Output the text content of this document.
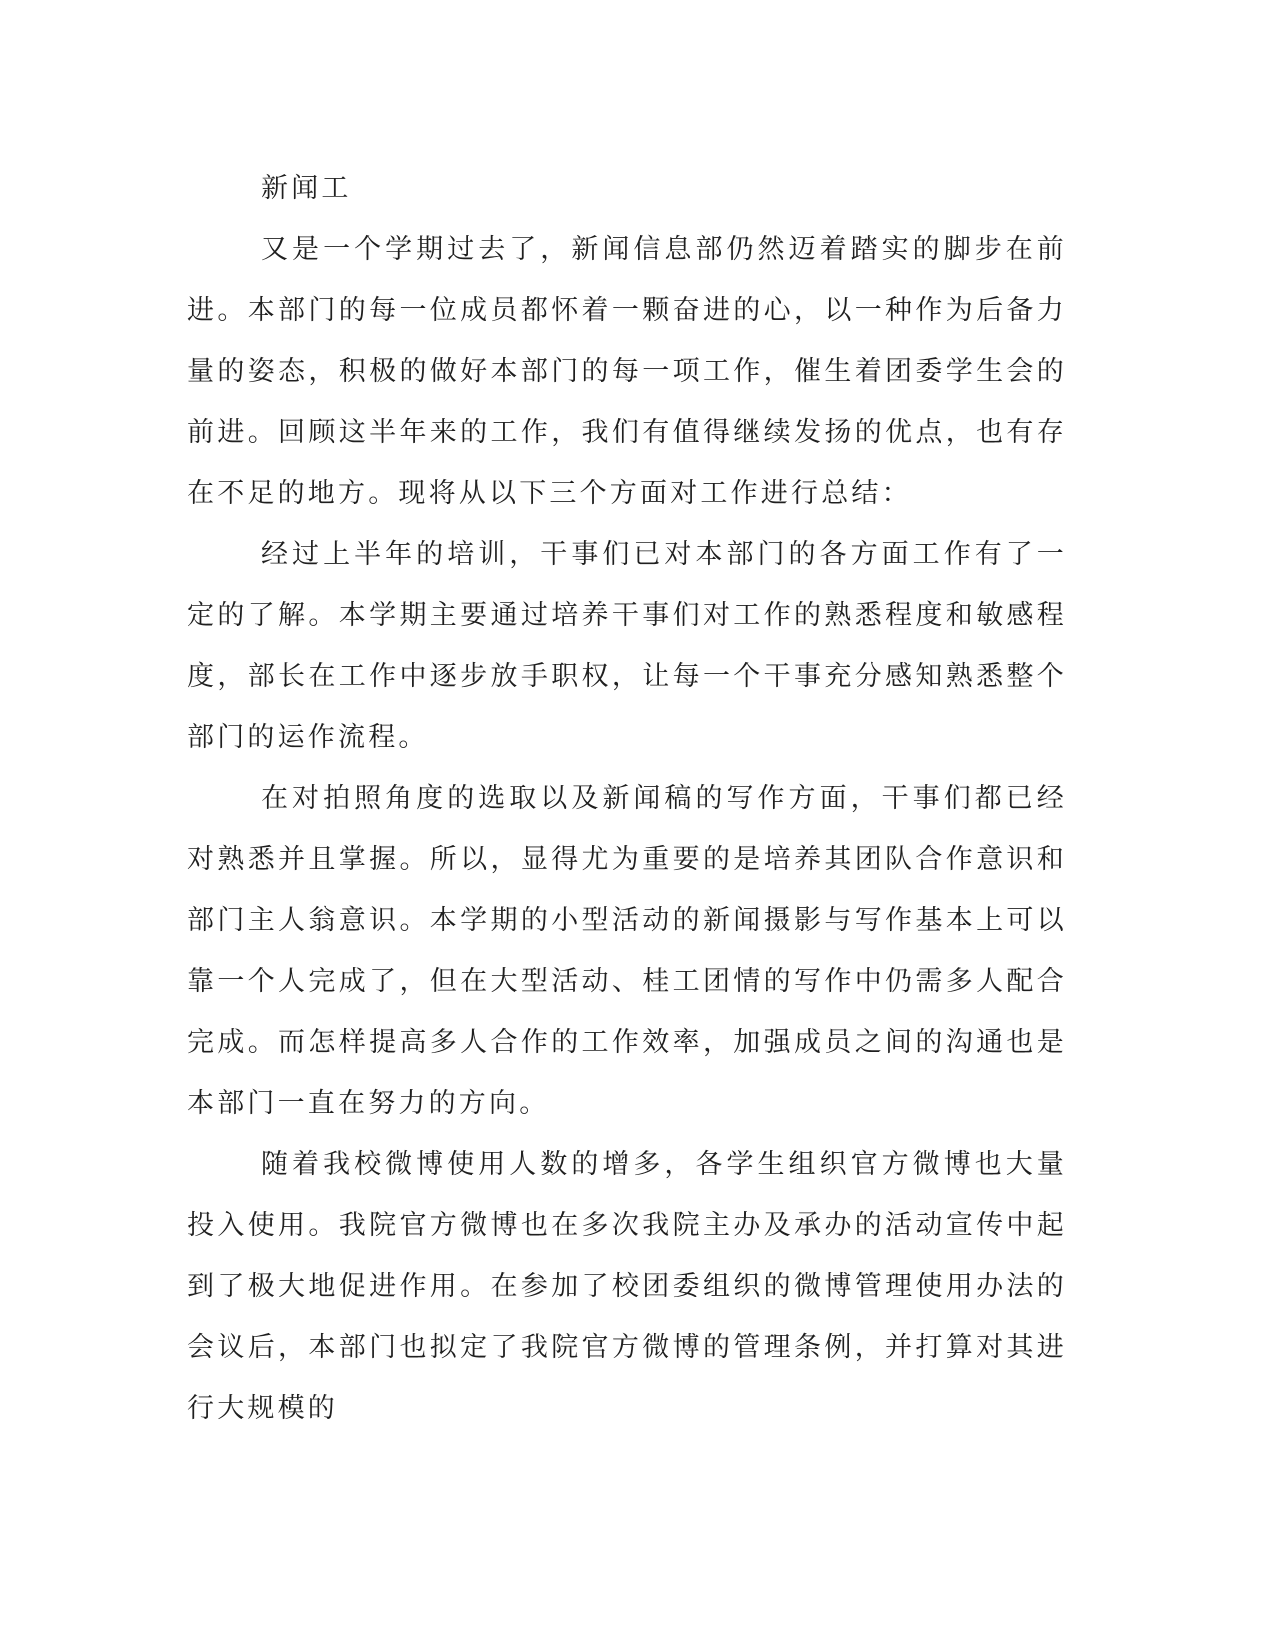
新闻工

又是一个学期过去了，新闻信息部仍然迈着踏实的脚步在前进。本部门的每一位成员都怀着一颗奋进的心，以一种作为后备力量的姿态，积极的做好本部门的每一项工作，催生着团委学生会的前进。回顾这半年来的工作，我们有值得继续发扬的优点，也有存在不足的地方。现将从以下三个方面对工作进行总结：

经过上半年的培训，干事们已对本部门的各方面工作有了一定的了解。本学期主要通过培养干事们对工作的熟悉程度和敏感程度，部长在工作中逐步放手职权，让每一个干事充分感知熟悉整个部门的运作流程。

在对拍照角度的选取以及新闻稿的写作方面，干事们都已经对熟悉并且掌握。所以，显得尤为重要的是培养其团队合作意识和部门主人翁意识。本学期的小型活动的新闻摄影与写作基本上可以靠一个人完成了，但在大型活动、桂工团情的写作中仍需多人配合完成。而怎样提高多人合作的工作效率，加强成员之间的沟通也是本部门一直在努力的方向。

随着我校微博使用人数的增多，各学生组织官方微博也大量投入使用。我院官方微博也在多次我院主办及承办的活动宣传中起到了极大地促进作用。在参加了校团委组织的微博管理使用办法的会议后，本部门也拟定了我院官方微博的管理条例，并打算对其进行大规模的
